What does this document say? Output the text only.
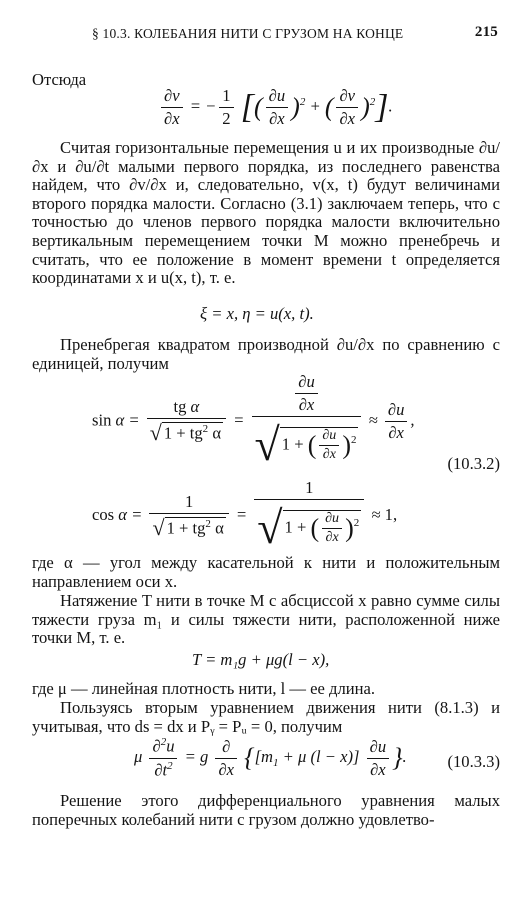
§ 10.3. КОЛЕБАНИЯ НИТИ С ГРУЗОМ НА КОНЦЕ	215
Отсюда
$\frac{\partial v}{\partial x}$ = − $\frac{1}{2}$ [( $\frac{\partial u}{\partial x} )^2$ + ( $\frac{\partial v}{\partial x} )^2$].
Считая горизонтальные перемещения u и их производные ∂u/∂x и ∂u/∂t малыми первого порядка, из последнего равенства найдем, что ∂v/∂x и, следовательно, v(x, t) будут величинами второго порядка малости. Согласно (3.1) заключаем теперь, что с точностью до членов первого порядка малости включительно вертикальным перемещением точки M можно пренебречь и считать, что ее положение в момент времени t определяется координатами x и u(x, t), т. е.
ξ = x, η = u(x, t).
Пренебрегая квадратом производной ∂u/∂x по сравнению с единицей, получим
$\sin \alpha = \frac{\text{tg α}}{√ 1 + tg^2 \alpha} = \frac{\frac{\partial u}{\partial x}}{√ 1 + ( \frac{\partial u}{\partial x} )^2} \approx \frac{\partial u}{\partial x}$ ,
(10.3.2)
$\cos \alpha = \frac{1}{√ 1 + tg^2 \alpha} = \frac{1}{√ 1 + ( \frac{\partial u}{\partial x} )^2} \approx 1$,
где α — угол между касательной к нити и положительным направлением оси x.
Натяжение T нити в точке M с абсциссой x равно сумме силы тяжести груза m₁ и силы тяжести нити, расположенной ниже точки M, т. е.
T = m₁g + μg(l − x),
где μ — линейная плотность нити, l — ее длина.
Пользуясь вторым уравнением движения нити (8.1.3) и учитывая, что ds = dx и Pᵧ = Pᵤ = 0, получим
μ $\frac{\partial^2u}{\partial t^2} = g \frac{\partial}{\partial x} \{[m_1 + \mu$ $(l - x)] \frac{\partial u}{\partial x}$ }. (10.3.3)
Решение этого дифференциального уравнения малых поперечных колебаний нити с грузом должно удовлетво-
